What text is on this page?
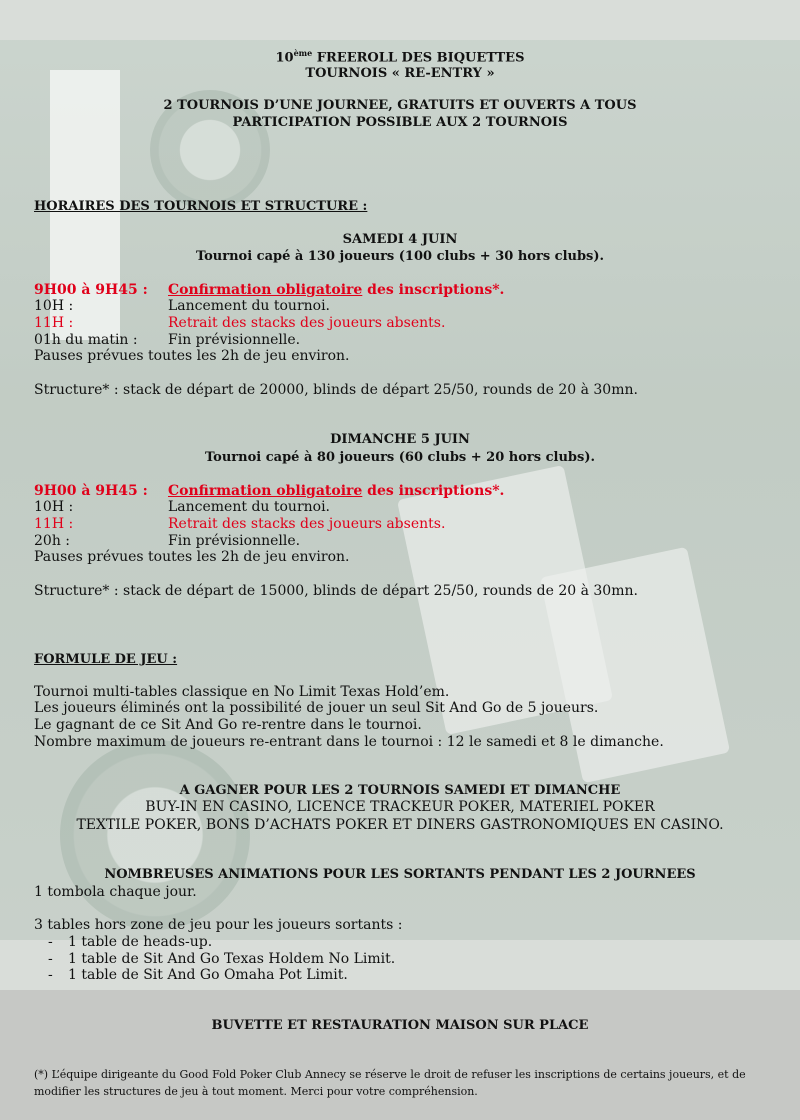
10ème FREEROLL DES BIQUETTES
TOURNOIS « RE-ENTRY »
2 TOURNOIS D’UNE JOURNEE, GRATUITS ET OUVERTS A TOUS
PARTICIPATION POSSIBLE AUX 2 TOURNOIS
HORAIRES DES TOURNOIS ET STRUCTURE :
SAMEDI 4 JUIN
Tournoi capé à 130 joueurs (100 clubs + 30 hors clubs).
9H00 à 9H45 : Confirmation obligatoire des inscriptions*.
10H :	Lancement du tournoi.
11H :	Retrait des stacks des joueurs absents.
01h du matin : Fin prévisionnelle.
Pauses prévues toutes les 2h de jeu environ.
Structure* : stack de départ de 20000, blinds de départ 25/50, rounds de 20 à 30mn.
DIMANCHE 5 JUIN
Tournoi capé à 80 joueurs (60 clubs + 20 hors clubs).
9H00 à 9H45 : Confirmation obligatoire des inscriptions*.
10H :	Lancement du tournoi.
11H :	Retrait des stacks des joueurs absents.
20h :	Fin prévisionnelle.
Pauses prévues toutes les 2h de jeu environ.
Structure* : stack de départ de 15000, blinds de départ 25/50, rounds de 20 à 30mn.
FORMULE DE JEU :
Tournoi multi-tables classique en No Limit Texas Hold’em.
Les joueurs éliminés ont la possibilité de jouer un seul Sit And Go de 5 joueurs.
Le gagnant de ce Sit And Go re-rentre dans le tournoi.
Nombre maximum de joueurs re-entrant dans le tournoi : 12 le samedi et 8 le dimanche.
A GAGNER POUR LES 2 TOURNOIS SAMEDI ET DIMANCHE
BUY-IN EN CASINO, LICENCE TRACKEUR POKER, MATERIEL POKER
TEXTILE POKER, BONS D’ACHATS POKER ET DINERS GASTRONOMIQUES EN CASINO.
NOMBREUSES ANIMATIONS POUR LES SORTANTS PENDANT LES 2 JOURNEES
1 tombola chaque jour.
3 tables hors zone de jeu pour les joueurs sortants :
- 1 table de heads-up.
- 1 table de Sit And Go Texas Holdem No Limit.
- 1 table de Sit And Go Omaha Pot Limit.
BUVETTE ET RESTAURATION MAISON SUR PLACE
(*) L’équipe dirigeante du Good Fold Poker Club Annecy se réserve le droit de refuser les inscriptions de certains joueurs, et de
modifier les structures de jeu à tout moment. Merci pour votre compréhension.
